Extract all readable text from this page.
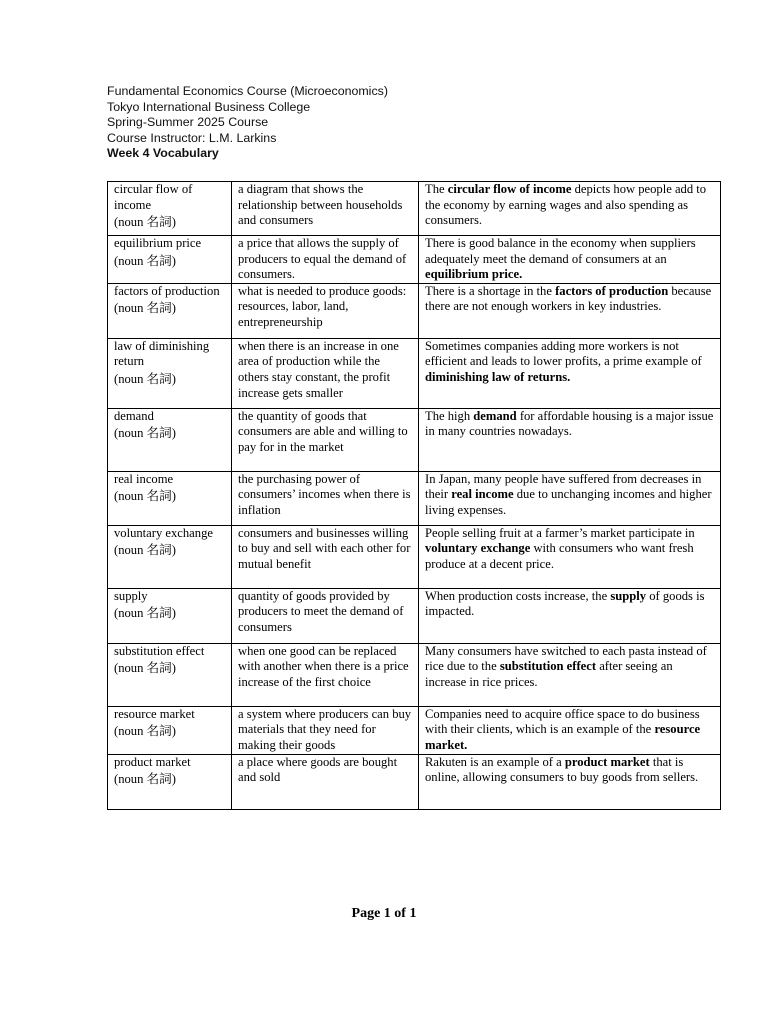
Fundamental Economics Course (Microeconomics)
Tokyo International Business College
Spring-Summer 2025 Course
Course Instructor: L.M. Larkins
Week 4 Vocabulary
circular flow of income
(noun 名詞)	a diagram that shows the relationship between households and consumers	The circular flow of income depicts how people add to the economy by earning wages and also spending as consumers.

equilibrium price
(noun 名詞)	a price that allows the supply of producers to equal the demand of consumers.	There is good balance in the economy when suppliers adequately meet the demand of consumers at an equilibrium price.

factors of production
(noun 名詞)	what is needed to produce goods: resources, labor, land, entrepreneurship	There is a shortage in the factors of production because there are not enough workers in key industries.

law of diminishing return
(noun 名詞)	when there is an increase in one area of production while the others stay constant, the profit increase gets smaller	Sometimes companies adding more workers is not efficient and leads to lower profits, a prime example of diminishing law of returns.

demand
(noun 名詞)	the quantity of goods that consumers are able and willing to pay for in the market	The high demand for affordable housing is a major issue in many countries nowadays.

real income
(noun 名詞)	the purchasing power of consumers’ incomes when there is inflation	In Japan, many people have suffered from decreases in their real income due to unchanging incomes and higher living expenses.

voluntary exchange
(noun 名詞)	consumers and businesses willing to buy and sell with each other for mutual benefit	People selling fruit at a farmer’s market participate in voluntary exchange with consumers who want fresh produce at a decent price.

supply
(noun 名詞)	quantity of goods provided by producers to meet the demand of consumers	When production costs increase, the supply of goods is impacted.

substitution effect
(noun 名詞)	when one good can be replaced with another when there is a price increase of the first choice	Many consumers have switched to each pasta instead of rice due to the substitution effect after seeing an increase in rice prices.

resource market
(noun 名詞)	a system where producers can buy materials that they need for making their goods	Companies need to acquire office space to do business with their clients, which is an example of the resource market.

product market
(noun 名詞)	a place where goods are bought and sold	Rakuten is an example of a product market that is online, allowing consumers to buy goods from sellers.
Page 1 of 1
